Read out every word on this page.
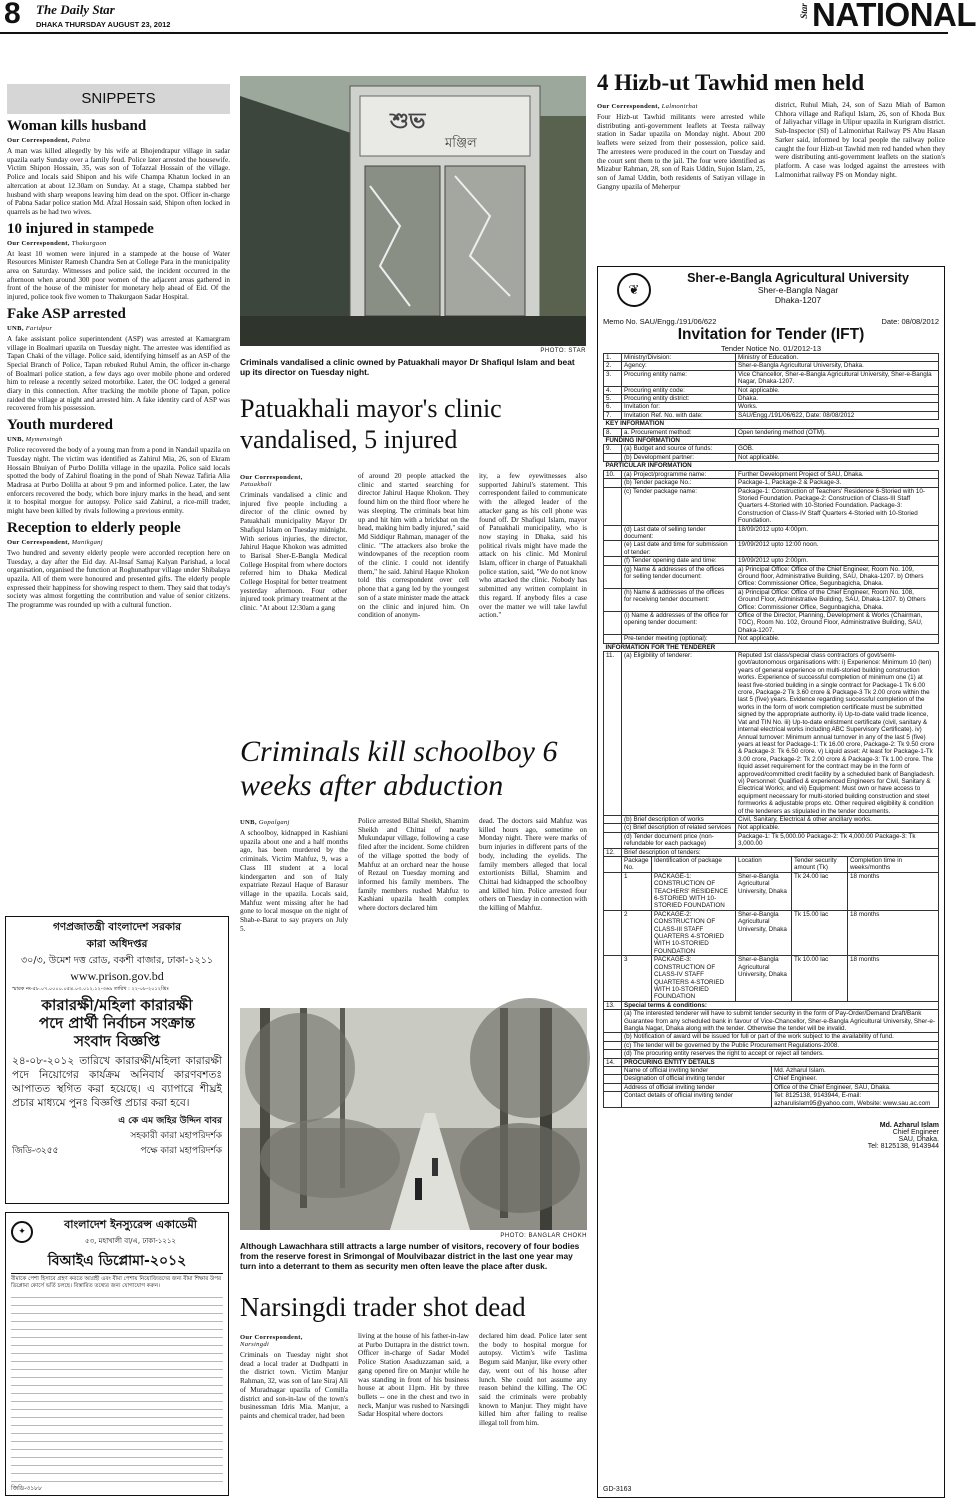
8 The Daily Star
DHAKA THURSDAY AUGUST 23, 2012
Star NATIONAL
SNIPPETS
Woman kills husband
Our Correspondent, Pabna
A man was killed allegedly by his wife at Bhojendrapur village in sadar upazila early Sunday over a family feud. Police later arrested the housewife. Victim Shipon Hossain, 35, was son of Tofazzal Hossain of the village. Police and locals said Shipon and his wife Champa Khatun locked in an altercation at about 12.30am on Sunday. At a stage, Champa stabbed her husband with sharp weapons leaving him dead on the spot. Officer in-charge of Pabna Sadar police station Md. Afzal Hossain said, Shipon often locked in quarrels as he had two wives.
10 injured in stampede
Our Correspondent, Thakurgaon
At least 10 women were injured in a stampede at the house of Water Resources Minister Ramesh Chandra Sen at College Para in the municipality area on Saturday. Witnesses and police said, the incident occurred in the afternoon when around 300 poor women of the adjacent areas gathered in front of the house of the minister for monetary help ahead of Eid. Of the injured, police took five women to Thakurgaon Sadar Hospital.
Fake ASP arrested
UNB, Faridpur
A fake assistant police superintendent (ASP) was arrested at Kamargram village in Boalmari upazila on Tuesday night. The arrestee was identified as Tapan Chaki of the village. Police said, identifying himself as an ASP of the Special Branch of Police, Tapan rebuked Ruhul Amin, the officer in-charge of Boalmari police station, a few days ago over mobile phone and ordered him to release a recently seized motorbike. Later, the OC lodged a general diary in this connection. After tracking the mobile phone of Tapan, police raided the village at night and arrested him. A fake identity card of ASP was recovered from his possession.
Youth murdered
UNB, Mymensingh
Police recovered the body of a young man from a pond in Nandail upazila on Tuesday night. The victim was identified as Zahirul Mia, 26, son of Ekram Hossain Bhuiyan of Purbo Dolilla village in the upazila. Police said locals spotted the body of Zahirul floating in the pond of Shah Newaz Tafiria Alia Madrasa at Purbo Dolilla at about 9 pm and informed police. Later, the law enforcers recovered the body, which bore injury marks in the head, and sent it to hospital morgue for autopsy. Police said Zahirul, a rice-mill trader, might have been killed by rivals following a previous enmity.
Reception to elderly people
Our Correspondent, Manikganj
Two hundred and seventy elderly people were accorded reception here on Tuesday, a day after the Eid day. Al-Insaf Samaj Kalyan Parishad, a local organisation, organised the function at Roghunathpur village under Shibalaya upazila. All of them were honoured and presented gifts. The elderly people expressed their happiness for showing respect to them. They said that today's society was almost forgetting the contribution and value of senior citizens. The programme was rounded up with a cultural function.
গণপ্রজাতন্ত্রী বাংলাদেশ সরকার
কারা অধিদপ্তর
৩০/৩, উমেশ দত্ত রোড, বকশী বাজার, ঢাকা-১২১১
www.prison.gov.bd
স্মারক নং-৫৮.০৭.০০০০.০৫৪.০৩.০১২.১২-৩৬৯ তারিখ : ২২-০৮-২০১২খ্রিঃ
কারারক্ষী/মহিলা কারারক্ষী
পদে প্রার্থী নির্বাচন সংক্রান্ত
সংবাদ বিজ্ঞপ্তি
২৪-০৮-২০১২ তারিখে কারারক্ষী/মহিলা কারারক্ষী পদে নিয়োগের কার্যক্রম অনিবার্য কারণবশতঃ আপাতত স্থগিত করা হয়েছে। এ ব্যাপারে শীঘ্রই প্রচার মাধ্যমে পুনঃ বিজ্ঞপ্তি প্রচার করা হবে।
এ কে এম জহির উদ্দিন বাবর
সহকারী কারা মহাপরিদর্শক
জিডি-৩২৫৫	পক্ষে কারা মহাপরিদর্শক
✦
বাংলাদেশ ইনস্যুরেন্স একাডেমী
৫৩, মহাখালী বা/এ, ঢাকা-১২১২
বিআইএ ডিপ্লোমা-২০১২
বীমাকে পেশা হিসাবে গ্রহণ করতে আগ্রহী এবং বীমা পেশায় নিয়োজিতদের জন্য বীমা শিক্ষার উপর ডিপ্লোমা কোর্সে ভর্তি চলছে। বিস্তারিত তথ্যের জন্য যোগাযোগ করুন।
জিডি-৩১৮৮
শুভ
মঞ্জিল
PHOTO: STAR
Criminals vandalised a clinic owned by Patuakhali mayor Dr Shafiqul Islam and beat up its director on Tuesday night.
Patuakhali mayor's clinic vandalised, 5 injured
Our Correspondent,
Patuakhali
Criminals vandalised a clinic and injured five people including a director of the clinic owned by Patuakhali municipality Mayor Dr Shafiqul Islam on Tuesday midnight. With serious injuries, the director, Jahirul Haque Khokon was admitted to Barisal Sher-E-Bangla Medical College Hospital from where doctors referred him to Dhaka Medical College Hospital for better treatment yesterday afternoon. Four other injured took primary treatment at the clinic. "At about 12:30am a gang
of around 20 people attacked the clinic and started searching for director Jahirul Haque Khokon. They found him on the third floor where he was sleeping. The criminals beat him up and hit him with a brickbat on the head, making him badly injured," said Md Siddiqur Rahman, manager of the clinic. "The attackers also broke the windowpanes of the reception room of the clinic. I could not identify them," he said. Jahirul Haque Khokon told this correspondent over cell phone that a gang led by the youngest son of a state minister made the attack on the clinic and injured him. On condition of anonym-
ity, a few eyewitnesses also supported Jahirul's statement. This correspondent failed to communicate with the alleged leader of the attacker gang as his cell phone was found off. Dr Shafiqul Islam, mayor of Patuakhali municipality, who is now staying in Dhaka, said his political rivals might have made the attack on his clinic. Md Monirul Islam, officer in charge of Patuakhali police station, said, "We do not know who attacked the clinic. Nobody has submitted any written complaint in this regard. If anybody files a case over the matter we will take lawful action."
Criminals kill schoolboy 6 weeks after abduction
UNB, Gopalganj
A schoolboy, kidnapped in Kashiani upazila about one and a half months ago, has been murdered by the criminals. Victim Mahfuz, 9, was a Class III student at a local kindergarten and son of Italy expatriate Rezaul Haque of Barasur village in the upazila. Locals said, Mahfuz went missing after he had gone to local mosque on the night of Shab-e-Barat to say prayers on July 5.
Police arrested Billal Sheikh, Shamim Sheikh and Chittai of nearby Mukundapur village, following a case filed after the incident. Some children of the village spotted the body of Mahfuz at an orchard near the house of Rezaul on Tuesday morning and informed his family members. The family members rushed Mahfuz to Kashiani upazila health complex where doctors declared him
dead. The doctors said Mahfuz was killed hours ago, sometime on Monday night. There were marks of burn injuries in different parts of the body, including the eyelids. The family members alleged that local extortionists Billal, Shamim and Chittai had kidnapped the schoolboy and killed him. Police arrested four others on Tuesday in connection with the killing of Mahfuz.
PHOTO: BANGLAR CHOKH
Although Lawachhara still attracts a large number of visitors, recovery of four bodies from the reserve forest in Srimongal of Moulvibazar district in the last one year may turn into a deterrant to them as security men often leave the place after dusk.
Narsingdi trader shot dead
Our Correspondent,
Narsingdi
Criminals on Tuesday night shot dead a local trader at Dudhpatti in the district town. Victim Manjur Rahman, 32, was son of late Siraj Ali of Muradnagar upazila of Comilla district and son-in-law of the town's businessman Idris Mia. Manjur, a paints and chemical trader, had been
living at the house of his father-in-law at Purbo Duttapra in the district town. Officer in-charge of Sadar Model Police Station Asaduzzaman said, a gang opened fire on Manjur while he was standing in front of his business house at about 11pm. Hit by three bullets -- one in the chest and two in neck, Manjur was rushed to Narsingdi Sadar Hospital where doctors
declared him dead. Police later sent the body to hospital morgue for autopsy. Victim's wife Taslima Begum said Manjur, like every other day, went out of his house after lunch. She could not assume any reason behind the killing. The OC said the criminals were probably known to Manjur. They might have killed him after failing to realise illegal toll from him.
4 Hizb-ut Tawhid men held
Our Correspondent, Lalmonirhat
Four Hizb-ut Tawhid militants were arrested while distributing anti-government leaflets at Teesta railway station in Sadar upazila on Monday night. About 200 leaflets were seized from their possession, police said. The arrestees were produced in the court on Tuesday and the court sent them to the jail. The four were identified as Mizabur Rahman, 28, son of Rais Uddin, Sujon Islam, 25, son of Jamal Uddin, both residents of Satiyan village in Gangny upazila of Meherpur
district, Ruhul Miah, 24, son of Sazu Miah of Bamon Chhora village and Rafiqul Islam, 26, son of Khoda Bux of Jaliyachar village in Ulipur upazila in Kurigram district. Sub-Inspector (SI) of Lalmonirhat Railway PS Abu Hasan Sarker said, informed by local people the railway police caught the four Hizb-ut Tawhid men red handed when they were distributing anti-government leaflets on the station's platform. A case was lodged against the arrestees with Lalmonirhat railway PS on Monday night.
❦
Sher-e-Bangla Agricultural University
Sher-e-Bangla Nagar
Dhaka-1207
Memo No. SAU/Engg./191/06/622	Date: 08/08/2012
Invitation for Tender (IFT)
Tender Notice No. 01/2012-13
1.	Ministry/Division:	Ministry of Education.
2.	Agency:	Sher-e-Bangla Agricultural University, Dhaka.
3.	Procuring entity name:	Vice Chancellor, Sher-e-Bangla Agricultural University, Sher-e-Bangla Nagar, Dhaka-1207.
4.	Procuring entity code:	Not applicable.
5.	Procuring entity district:	Dhaka.
6.	Invitation for:	Works.
7.	Invitation Ref. No. with date:	SAU/Engg./191/06/622, Date: 08/08/2012
KEY INFORMATION		
8.	a. Procurement method:	Open tendering method (OTM).
FUNDING INFORMATION		
9.	(a) Budget and source of funds:	GOB.
	(b) Development partner:	Not applicable.
PARTICULAR INFORMATION		
10.	(a) Project/programme name:	Further Development Project of SAU, Dhaka.
	(b) Tender package No.:	Package-1, Package-2 & Package-3.
	(c) Tender package name:	Package-1: Construction of Teachers' Residence 6-Storied with 10-Storied Foundation. Package-2: Construction of Class-III Staff Quarters 4-Storied with 10-Storied Foundation. Package-3: Construction of Class-IV Staff Quarters 4-Storied with 10-Storied Foundation.
	(d) Last date of selling tender document:	18/09/2012 upto 4:00pm.
	(e) Last date and time for submission of tender:	19/09/2012 upto 12:00 noon.
	(f) Tender opening date and time:	19/09/2012 upto 2:00pm.
	(g) Name & addresses of the offices for selling tender document:	a) Principal Office: Office of the Chief Engineer, Room No. 109, Ground floor, Administrative Building, SAU, Dhaka-1207. b) Others Office: Commissioner Office, Segunbagicha, Dhaka.
	(h) Name & addresses of the offices for receiving tender document:	a) Principal Office: Office of the Chief Engineer, Room No. 108, Ground Floor, Administrative Building, SAU, Dhaka-1207. b) Others Office: Commissioner Office, Segunbagicha, Dhaka.
	(i) Name & addresses of the office for opening tender document:	Office of the Director, Planning, Development & Works (Chairman, TOC), Room No. 102, Ground Floor, Administrative Building, SAU, Dhaka-1207.
	Pre-tender meeting (optional):	Not applicable.
INFORMATION FOR THE TENDERER		
11.	(a) Eligibility of tenderer:	Reputed 1st class/special class contractors of govt/semi-govt/autonomous organisations with: i) Experience: Minimum 10 (ten) years of general experience on multi-storied building construction works. Experience of successful completion of minimum one (1) at least five-storied building in a single contract for Package-1 Tk 6.00 crore, Package-2 Tk 3.60 crore & Package-3 Tk 2.00 crore within the last 5 (five) years. Evidence regarding successful completion of the works in the form of work completion certificate must be submitted signed by the appropriate authority. ii) Up-to-date valid trade licence, Vat and TIN No. iii) Up-to-date enlistment certificate (civil, sanitary & internal electrical works including ABC Supervisory Certificate). iv) Annual turnover: Minimum annual turnover in any of the last 5 (five) years at least for Package-1: Tk 16.00 crore, Package-2: Tk 9.50 crore & Package-3: Tk 6.50 crore. v) Liquid asset: At least for Package-1-Tk 3.00 crore, Package-2: Tk 2.00 crore & Package-3: Tk 1.00 crore. The liquid asset requirement for the contract may be in the form of approved/committed credit facility by a scheduled bank of Bangladesh. vi) Personnel: Qualified & experienced Engineers for Civil, Sanitary & Electrical Works; and vii) Equipment: Must own or have access to equipment necessary for multi-storied building construction and steel formworks & adjustable props etc. Other required eligibility & condition of the tenderers as stipulated in the tender documents.
	(b) Brief description of works	Civil, Sanitary, Electrical & other ancillary works.
	(c) Brief description of related services	Not applicable.
	(d) Tender document price (non-refundable for each package)	Package-1: Tk 5,000.00 Package-2: Tk 4,000.00 Package-3: Tk 3,000.00
12.	Brief description of tenders:	
	Package No.	Identification of package	Location	Tender security amount (Tk)	Completion time in weeks/months
	1	PACKAGE-1: CONSTRUCTION OF TEACHERS' RESIDENCE 6-STORIED WITH 10-STORIED FOUNDATION	Sher-e-Bangla Agricultural University, Dhaka	Tk 24.00 lac	18 months
	2	PACKAGE-2: CONSTRUCTION OF CLASS-III STAFF QUARTERS 4-STORIED WITH 10-STORIED FOUNDATION	Sher-e-Bangla Agricultural University, Dhaka	Tk 15.00 lac	18 months
	3	PACKAGE-3: CONSTRUCTION OF CLASS-IV STAFF QUARTERS 4-STORIED WITH 10-STORIED FOUNDATION	Sher-e-Bangla Agricultural University, Dhaka	Tk 10.00 lac	18 months
13.	Special terms & conditions:
	(a) The interested tenderer will have to submit tender security in the form of Pay-Order/Demand Draft/Bank Guarantee from any scheduled bank in favour of Vice-Chancellor, Sher-e-Bangla Agricultural University, Sher-e-Bangla Nagar, Dhaka along with the tender. Otherwise the tender will be invalid.
	(b) Notification of award will be issued for full or part of the work subject to the availability of fund.
	(c) The tender will be governed by the Public Procurement Regulations-2008.
	(d) The procuring entity reserves the right to accept or reject all tenders.
14.	PROCURING ENTITY DETAILS
	Name of official inviting tender	Md. Azharul Islam.
	Designation of official inviting tender	Chief Engineer.
	Address of official inviting tender	Office of the Chief Engineer, SAU, Dhaka.
	Contact details of official inviting tender	Tel: 8125138, 9143944, E-mail: azharulislam95@yahoo.com, Website: www.sau.ac.com
Md. Azharul Islam
Chief Engineer
SAU, Dhaka.
Tel: 8125138, 9143944
GD-3163
